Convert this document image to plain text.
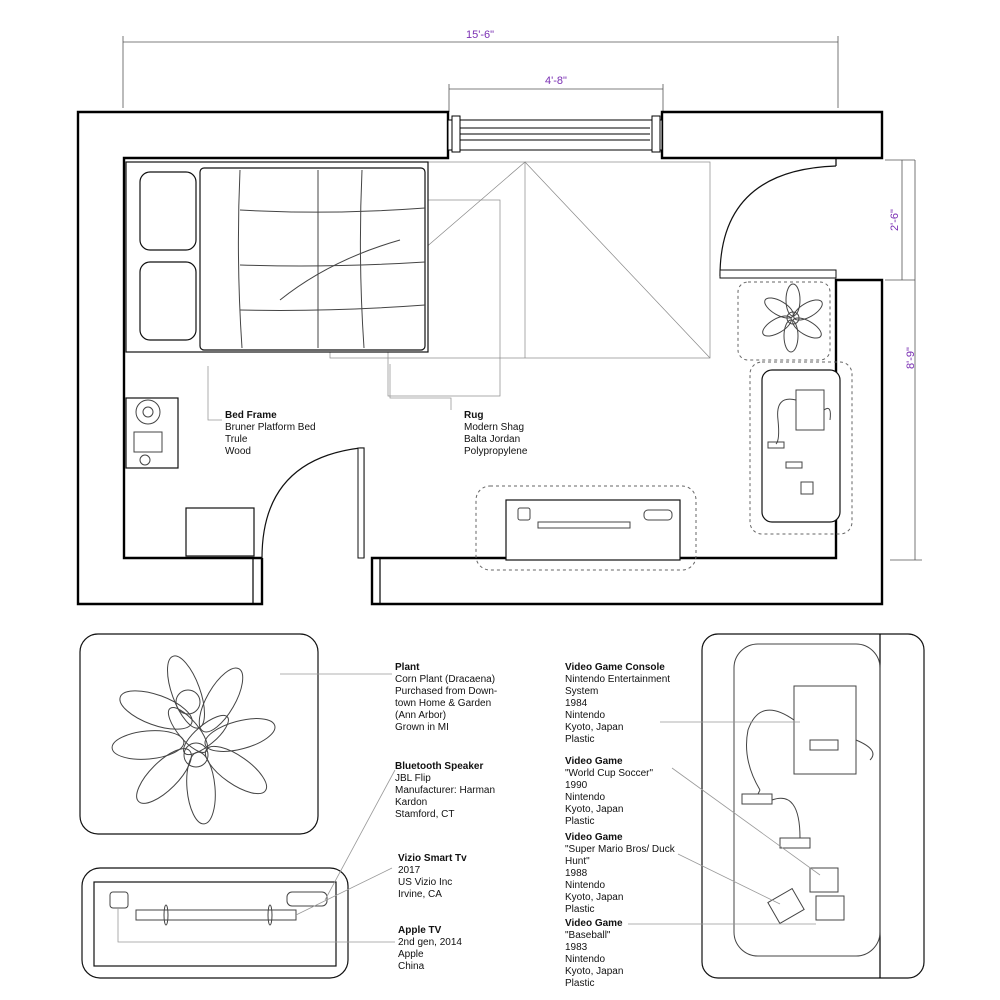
15'-6"
4'-8"
2'-6"
8'-9"
Bed Frame
Bruner Platform Bed
Trule
Wood
Rug
Modern Shag
Balta Jordan
Polypropylene
Plant
Corn Plant (Dracaena)
Purchased from Down-
town Home & Garden
(Ann Arbor)
Grown in MI
Bluetooth Speaker
JBL Flip
Manufacturer: Harman
Kardon
Stamford, CT
Vizio Smart Tv
2017
US Vizio Inc
Irvine, CA
Apple TV
2nd gen, 2014
Apple
China
Video Game Console
Nintendo Entertainment
System
1984
Nintendo
Kyoto, Japan
Plastic
Video Game
"World Cup Soccer"
1990
Nintendo
Kyoto, Japan
Plastic
Video Game
"Super Mario Bros/ Duck
Hunt"
1988
Nintendo
Kyoto, Japan
Plastic
Video Game
"Baseball"
1983
Nintendo
Kyoto, Japan
Plastic
